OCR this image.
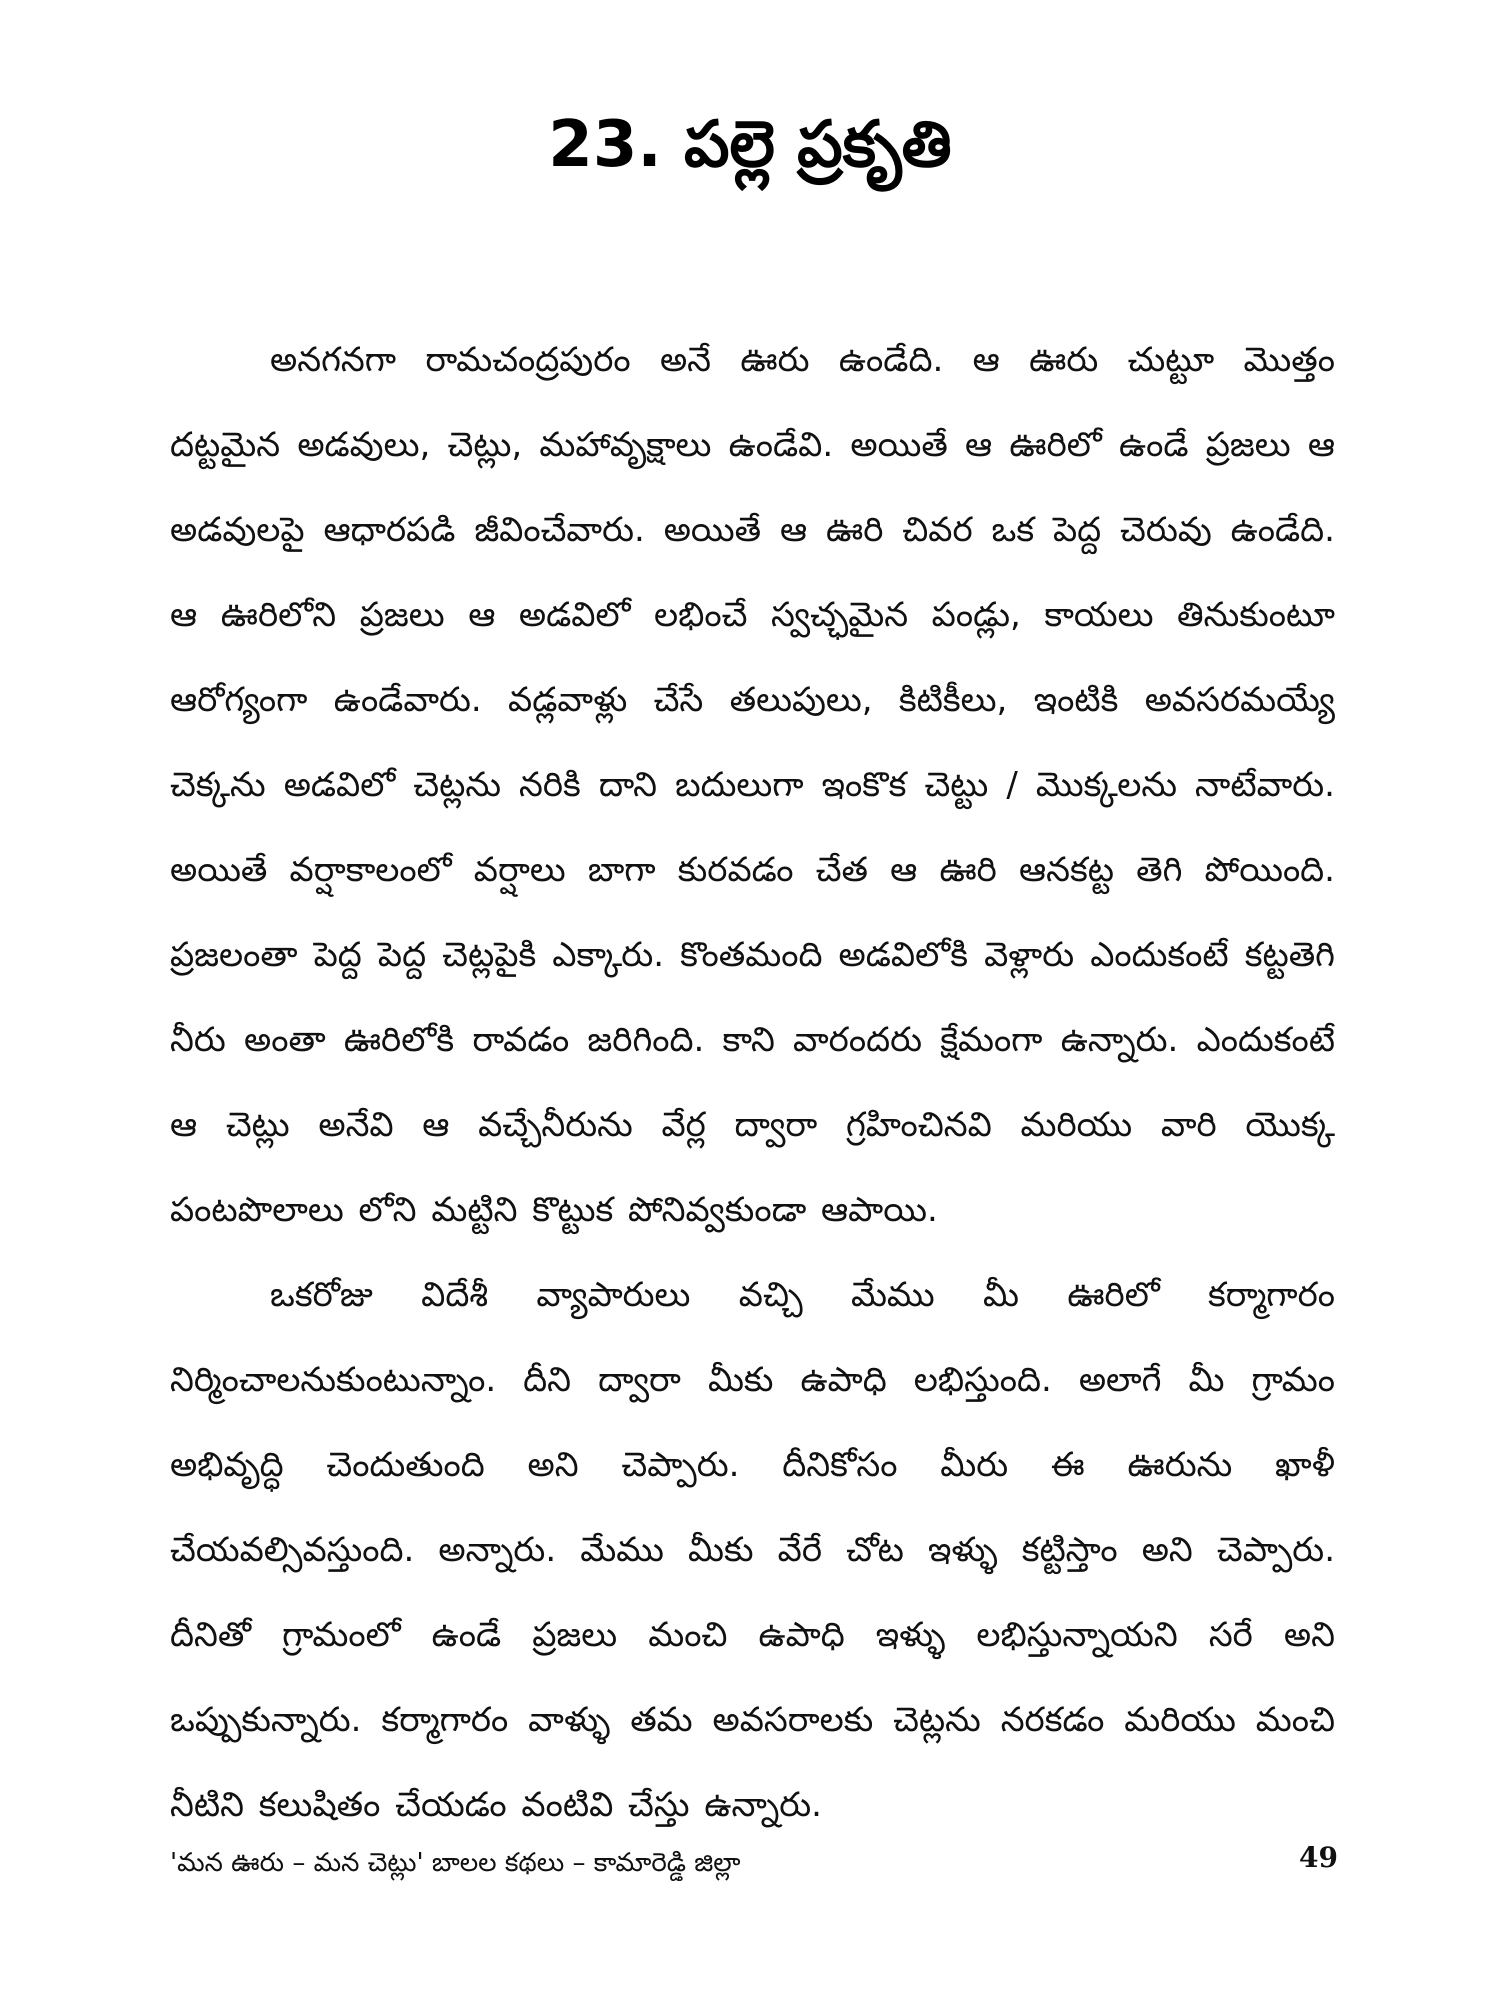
23. పల్లె ప్రకృతి

అనగనగా రామచంద్రపురం అనే ఊరు ఉండేది. ఆ ఊరు చుట్టూ మొత్తం దట్టమైన అడవులు, చెట్లు, మహావృక్షాలు ఉండేవి. అయితే ఆ ఊరిలో ఉండే ప్రజలు ఆ అడవులపై ఆధారపడి జీవించేవారు. అయితే ఆ ఊరి చివర ఒక పెద్ద చెరువు ఉండేది. ఆ ఊరిలోని ప్రజలు ఆ అడవిలో లభించే స్వచ్ఛమైన పండ్లు, కాయలు తినుకుంటూ ఆరోగ్యంగా ఉండేవారు. వడ్లవాళ్లు చేసే తలుపులు, కిటికీలు, ఇంటికి అవసరమయ్యే చెక్కను అడవిలో చెట్లను నరికి దాని బదులుగా ఇంకొక చెట్టు / మొక్కలను నాటేవారు. అయితే వర్షాకాలంలో వర్షాలు బాగా కురవడం చేత ఆ ఊరి ఆనకట్ట తెగి పోయింది. ప్రజలంతా పెద్ద పెద్ద చెట్లపైకి ఎక్కారు. కొంతమంది అడవిలోకి వెళ్లారు ఎందుకంటే కట్టతెగి నీరు అంతా ఊరిలోకి రావడం జరిగింది. కాని వారందరు క్షేమంగా ఉన్నారు. ఎందుకంటే ఆ చెట్లు అనేవి ఆ వచ్చేనీరును వేర్ల ద్వారా గ్రహించినవి మరియు వారి యొక్క పంటపొలాలు లోని మట్టిని కొట్టుక పోనివ్వకుండా ఆపాయి.

ఒకరోజు విదేశీ వ్యాపారులు వచ్చి మేము మీ ఊరిలో కర్మాగారం నిర్మించాలనుకుంటున్నాం. దీని ద్వారా మీకు ఉపాధి లభిస్తుంది. అలాగే మీ గ్రామం అభివృద్ధి చెందుతుంది అని చెప్పారు. దీనికోసం మీరు ఈ ఊరును ఖాళీ చేయవల్సివస్తుంది. అన్నారు. మేము మీకు వేరే చోట ఇళ్ళు కట్టిస్తాం అని చెప్పారు. దీనితో గ్రామంలో ఉండే ప్రజలు మంచి ఉపాధి ఇళ్ళు లభిస్తున్నాయని సరే అని ఒప్పుకున్నారు. కర్మాగారం వాళ్ళు తమ అవసరాలకు చెట్లను నరకడం మరియు మంచి నీటిని కలుషితం చేయడం వంటివి చేస్తు ఉన్నారు.

'మన ఊరు – మన చెట్లు' బాలల కథలు – కామారెడ్డి జిల్లా	49
